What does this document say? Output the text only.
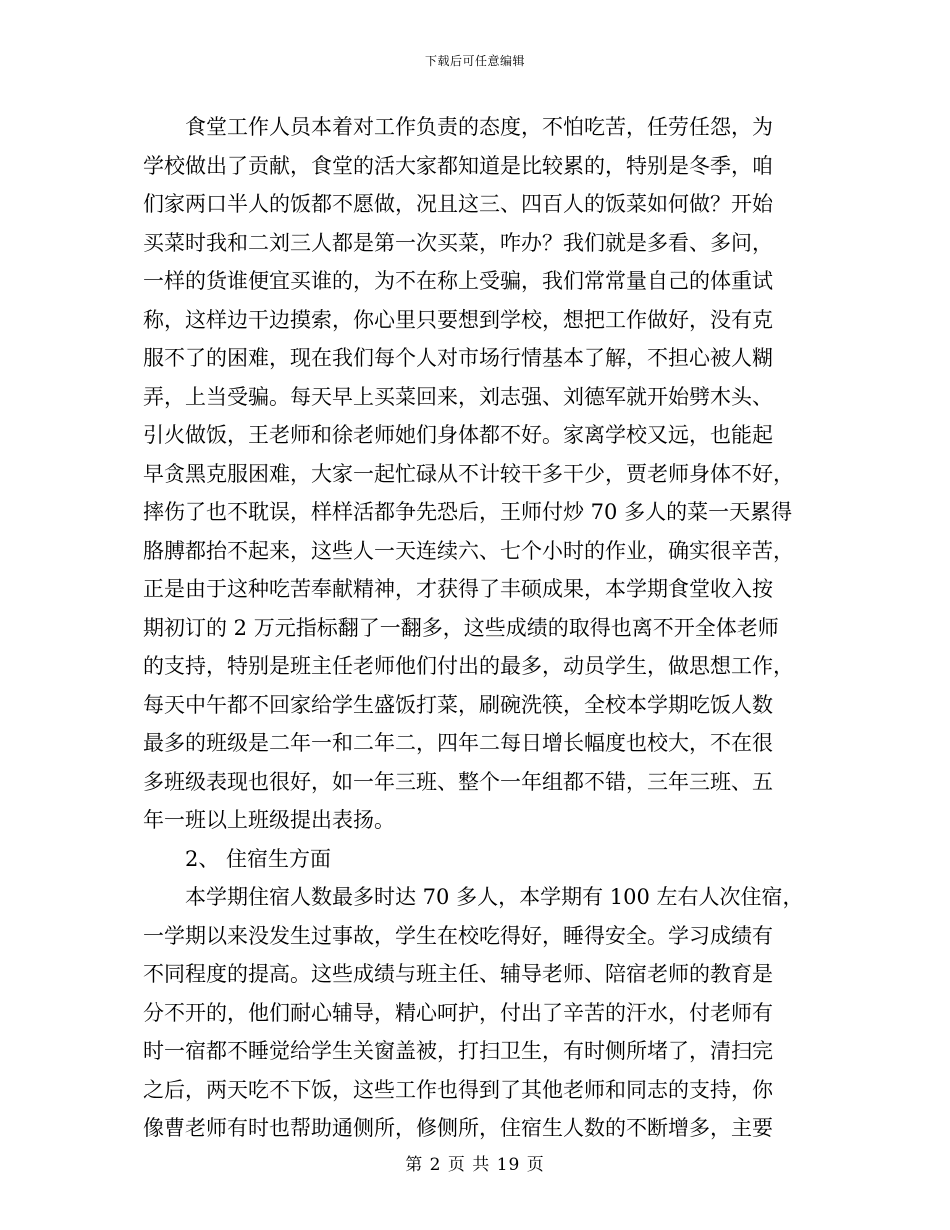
下载后可任意编辑
食堂工作人员本着对工作负责的态度，不怕吃苦，任劳任怨，为
学校做出了贡献，食堂的活大家都知道是比较累的，特别是冬季，咱
们家两口半人的饭都不愿做，况且这三、四百人的饭菜如何做？开始
买菜时我和二刘三人都是第一次买菜，咋办？我们就是多看、多问，
一样的货谁便宜买谁的，为不在称上受骗，我们常常量自己的体重试
称，这样边干边摸索，你心里只要想到学校，想把工作做好，没有克
服不了的困难，现在我们每个人对市场行情基本了解，不担心被人糊
弄，上当受骗。每天早上买菜回来，刘志强、刘德军就开始劈木头、
引火做饭，王老师和徐老师她们身体都不好。家离学校又远，也能起
早贪黑克服困难，大家一起忙碌从不计较干多干少，贾老师身体不好，
摔伤了也不耽误，样样活都争先恐后，王师付炒 70 多人的菜一天累得
胳膊都抬不起来，这些人一天连续六、七个小时的作业，确实很辛苦，
正是由于这种吃苦奉献精神，才获得了丰硕成果，本学期食堂收入按
期初订的 2 万元指标翻了一翻多，这些成绩的取得也离不开全体老师
的支持，特别是班主任老师他们付出的最多，动员学生，做思想工作，
每天中午都不回家给学生盛饭打菜，刷碗洗筷，全校本学期吃饭人数
最多的班级是二年一和二年二，四年二每日增长幅度也校大，不在很
多班级表现也很好，如一年三班、整个一年组都不错，三年三班、五
年一班以上班级提出表扬。
2、 住宿生方面
本学期住宿人数最多时达 70 多人，本学期有 100 左右人次住宿，
一学期以来没发生过事故，学生在校吃得好，睡得安全。学习成绩有
不同程度的提高。这些成绩与班主任、辅导老师、陪宿老师的教育是
分不开的，他们耐心辅导，精心呵护，付出了辛苦的汗水，付老师有
时一宿都不睡觉给学生关窗盖被，打扫卫生，有时侧所堵了，清扫完
之后，两天吃不下饭，这些工作也得到了其他老师和同志的支持，你
像曹老师有时也帮助通侧所，修侧所，住宿生人数的不断增多，主要
第 2 页 共 19 页
